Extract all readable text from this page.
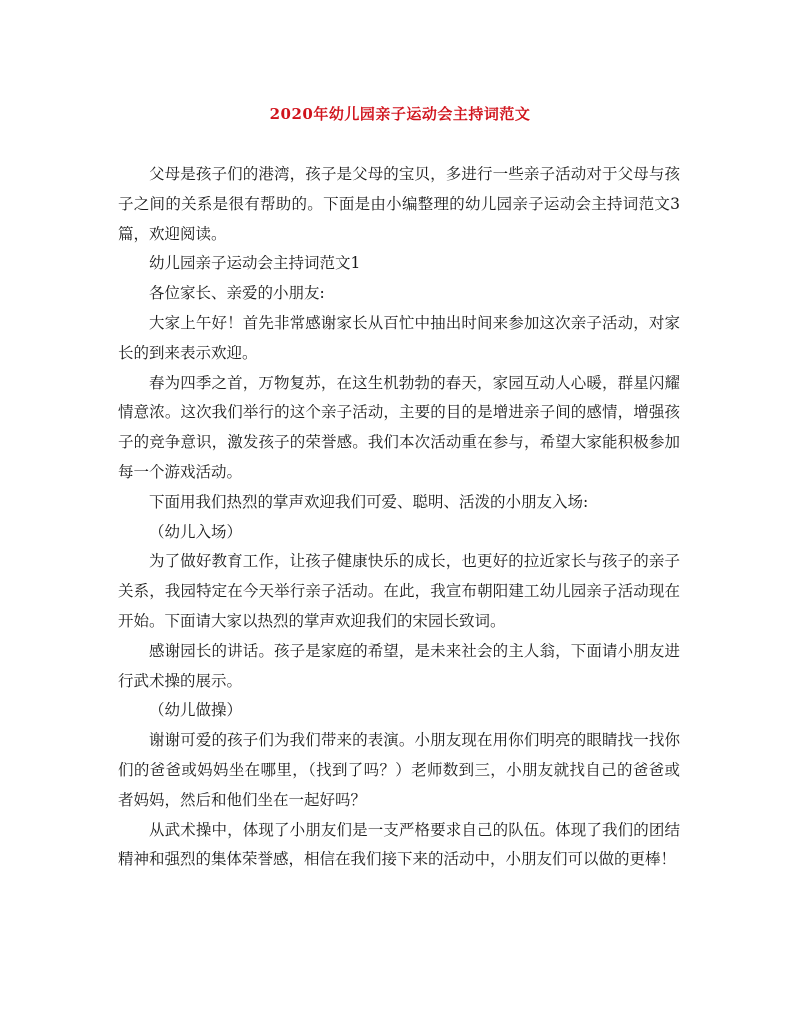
2020年幼儿园亲子运动会主持词范文

父母是孩子们的港湾，孩子是父母的宝贝，多进行一些亲子活动对于父母与孩子之间的关系是很有帮助的。下面是由小编整理的幼儿园亲子运动会主持词范文3篇，欢迎阅读。

幼儿园亲子运动会主持词范文1

各位家长、亲爱的小朋友:

大家上午好！首先非常感谢家长从百忙中抽出时间来参加这次亲子活动，对家长的到来表示欢迎。

春为四季之首，万物复苏，在这生机勃勃的春天，家园互动人心暖，群星闪耀情意浓。这次我们举行的这个亲子活动，主要的目的是增进亲子间的感情，增强孩子的竞争意识，激发孩子的荣誉感。我们本次活动重在参与，希望大家能积极参加每一个游戏活动。

下面用我们热烈的掌声欢迎我们可爱、聪明、活泼的小朋友入场:

（幼儿入场）

为了做好教育工作，让孩子健康快乐的成长，也更好的拉近家长与孩子的亲子关系，我园特定在今天举行亲子活动。在此，我宣布朝阳建工幼儿园亲子活动现在开始。下面请大家以热烈的掌声欢迎我们的宋园长致词。

感谢园长的讲话。孩子是家庭的希望，是未来社会的主人翁，下面请小朋友进行武术操的展示。

（幼儿做操）

谢谢可爱的孩子们为我们带来的表演。小朋友现在用你们明亮的眼睛找一找你们的爸爸或妈妈坐在哪里，（找到了吗？）老师数到三，小朋友就找自己的爸爸或者妈妈，然后和他们坐在一起好吗？

从武术操中，体现了小朋友们是一支严格要求自己的队伍。体现了我们的团结精神和强烈的集体荣誉感，相信在我们接下来的活动中，小朋友们可以做的更棒！
